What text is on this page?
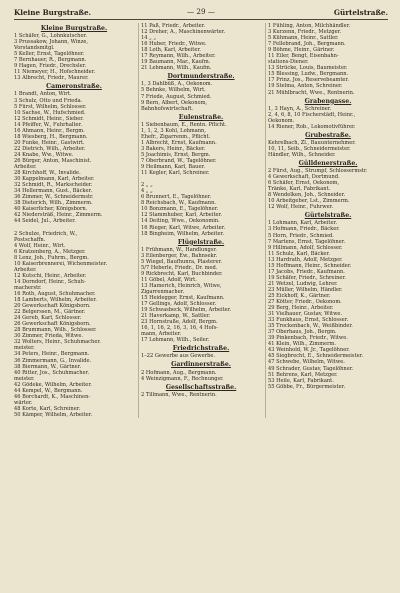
Kleine Burgstraße.	— 29 —	Gürtelstraße.
Kleine Burgstraße.
1 Schäfer, G., Lohnkutscher.
3 Prussakow, Johann, Winze,
Vorstandsmitgl.
5 Keller, Ernst, Tagelöhner.
7 Bernhauer, R., Bergmann.
9 Hagen, Friedr., Drechsler.
11 Niemeyer, H., Hofschneider.
13 Albrecht, Friedr., Maurer.
Cameronstraße.
1 Brandt, Anton, Wirt.
3 Schulz, Otto und Frieda.
5 Fürst, Wilhelm, Schlosser.
10 Sachse, W., Hufschmied.
12 Schmidt, Heinr., Sieber.
14 Pfeiffer, W., Fuhrhalter.
16 Ahmann, Heinr., Bergm.
18 Wiesberg, H., Bergmann.
20 Funke, Heinr., Gastwirt.
22 Dietrich, Wilh., Arbeiter.
24 Knabe, Ww., Witwe.
26 Bürger, Anton, Maschinist.
Arbeiter.
28 Kirchhoff, W., Invalide.
30 Kappelmann, Karl, Arbeiter.
32 Schmidt, R., Markscheider.
34 Hellermann, Gust., Bäcker.
36 Zimmer, W., Schneidermstr.
38 Dieterich, Wilh., Zimmerm.
40 Kaiserlicher, Königsborn.
42 Niedersträß, Heinr., Zimmerm.
44 Seidel, Jul., Arbeiter.

2 Schulze, Friedrich, W.,
Postschaffn.
4 Wolf, Heinr., Wirt.
6 Kratzenberg, A., Metzger.
8 Lenz, Joh., Fuhrm., Bergm.
10 Kaiserbrennerei, Wichenmeister.
Arbeiter.
12 Kutschi, Heinr., Arbeiter.
14 Dorndorf, Heinr., Schuh-
macherstr.
16 Roth, August, Schuhmacher.
18 Lamberts, Wilhelm, Arbeiter.
20 Gewerkschaft Königsborn.
22 Belgerssen, M., Gärtner.
24 Gereb, Karl, Schlosser.
26 Gewerkschaft Königsborn.
28 Brummann, Wilh., Schlosser.
30 Zimmer, Frieda, Witwe.
32 Wolters, Heinr., Schuhmacher.
meister.
34 Peters, Heinr., Bergmann.
36 Zimmermann, G., Invalide.
38 Biermann, W., Gärtner.
40 Ritter, Jos., Schuhmacher.
meister.
42 Gödeke, Wilhelm, Arbeiter.
44 Kempel, W., Bergmann.
46 Borchardt, K., Maschinen-
wärter.
48 Korte, Karl, Schreiner.
50 Kämper, Wilhelm, Arbeiter.
11 Paß, Friedr., Arbeiter.
12 Dreher, A., Maschinenwärter.
14 „ „
16 Huber, Friedr., Witwe.
18 Loth, Karl, Arbeiter.
17 Reymann, Wilh., Arbeiter.
19 Baumann, Mar., Kaufm.
21 Lehmann, Wilh., Kaufm.
Dortmunderstraße.
1, 3 Dahlbüß, A., Oekonom.
5 Behnke, Wilhelm, Wirt.
7 Friede, August, Schmied.
9 Bern, Albert, Oekonom,
Bahnhofswirtschaft.
Eulenstraße.
1 Siebenbaum, E., Rentn. Pflicht.
1, 1, 2, 3 Kohl, Lohmann,
Ehefr., Zigarrenm., Pflicht.
1 Albrecht, Ernst, Kaufmann.
3 Bakers, Heinr., Bäcker.
5 Joachimis, Ernst, Bergm.
7 Oberbrand, W., Tagelöhner.
9 Heilmann, Karl, Bauer.
11 Kegler, Karl, Schreiner.

2 „ „
4 „ „
6 Brunnert, E., Tagelöhner.
8 Reichsbach, W., Kaufmann.
10 Bonzmann, E., Tagelöhner.
12 Stammhuber, Karl, Arbeiter.
14 Deiting, Wwe., Oekonomin.
16 Rieger, Karl, Witwe, Arbeiter.
18 Bingheim, Wilhelm, Arbeiter.
Flügelstraße.
1 Frühmann, W., Handlungsr.
3 Eilenberger, Ew., Bahnsekr.
5 Wiegel, Baufhunra, Plasterer.
5/7 Heberle, Friedr., Dr. med.
9 Rickbrecht, Karl, Buchbinder.
11 Göbel, Adolf, Wirt.
13 Hamerich, Heinrich, Witwe,
Zigarrenmacher.
15 Heidegger, Ernst, Kaufmann.
17 Gellings, Adolf, Schlosser.
19 Schwasbeck, Wilhelm, Arbeiter.
21 Haverkamp, W., Sattler.
23 Hornstraße, Adolf, Bergm.
16, 1, 16, 2, 16, 3, 16, 4 Hofs-
mann, Arbeiter.
17 Lohmann, Wilh., Seiler.
Friedrichstraße.
1–22 Gewerbe aus Gewerbe.
Gardinnerstraße.
2 Hofmann, Aug., Bergmann.
4 Weinzigmann, F., Rechnungsr.
Gesellschaftsstraße.
2 Tillmann, Wwe., Rentnerin.
1 Fühling, Anton, Milchhändler.
3 Kurzenn, Friedr., Metzger.
5 Kühmann, Heinr., Sattler.
7 Fellebrand, Joh., Bergmann.
9 Böhme, Heinr., Gärtner.
11 Eiler, Bengt, Eisenbahn-
stations-Diener.
13 Strücke, Louis, Baumeister.
15 Blessing, Ludw., Bergmann.
17 Prinz, Jos., Reservebeamter.
19 Stelma, Anton, Schreiner.
21 Mühlbracht, Wwe., Rentnerin.
Grabengasse.
1, 3 Hayn, A., Schreiner.
2, 4, 6, 8, 10 Fischerstädt, Heinr.,
Oekonom.
14 Riener, Rob., Lokomotivführer.
Grubestraße.
Kehrelbach, Zl., Bauunternehmer.
10, 11, Seib., Schneidermeister.
Händler, Wilh., Schneider.
Gülldenerstraße.
2 Fürst, Aug., Strumpf, Schlossermstr.
4 Gewerkschaft, Dortmund.
6 Schäfer, Ernst, Oekonom,
Tränke, Karl, Fabrikant.
8 Wendelken, Joh., Schneider.
10 Arbeitgeber, Lst., Zimmerm.
12 Wolf, Heinr., Fuhrwer.
Gürtelstraße.
1 Lohmann, Karl, Arbeiter.
3 Hofmann, Friedr., Bäcker.
5 Horn, Friedr., Schmied.
7 Martens, Ernst, Tagelöhner.
9 Hillmann, Adolf, Schlosser.
11 Schulz, Karl, Bäcker.
13 Hardrath, Adolf, Metzger.
15 Hoffmann, Heinr., Schneider.
17 Jacobs, Friedr., Kaufmann.
19 Schäfer, Friedr., Schreiner.
21 Wetzel, Ludwig, Lehrer.
23 Müller, Wilhelm, Händler.
25 Eickhoff, K., Gärtner.
27 Kötter, Friedr., Oekonom.
29 Berg, Heinr., Arbeiter.
31 Vielhauer, Gustav, Witwe.
33 Funkhaus, Ernst, Schlosser.
35 Trockenbach, W., Weißbinder.
37 Oberhaus, Joh., Bergm.
39 Pinkenbach, Friedr., Witwe.
41 Klein, Wilh., Zimmerm.
43 Weinhold, W. Jr., Tagelöhner.
45 Siegbrecht, E., Schneidermeister.
47 Schwebe, Wilhelm, Witwe.
49 Schrader, Gustav, Tagelöhner.
51 Behrens, Karl, Metzger.
53 Heile, Karl, Fabrikant.
55 Göbbe, Fr., Bürgermeister.
